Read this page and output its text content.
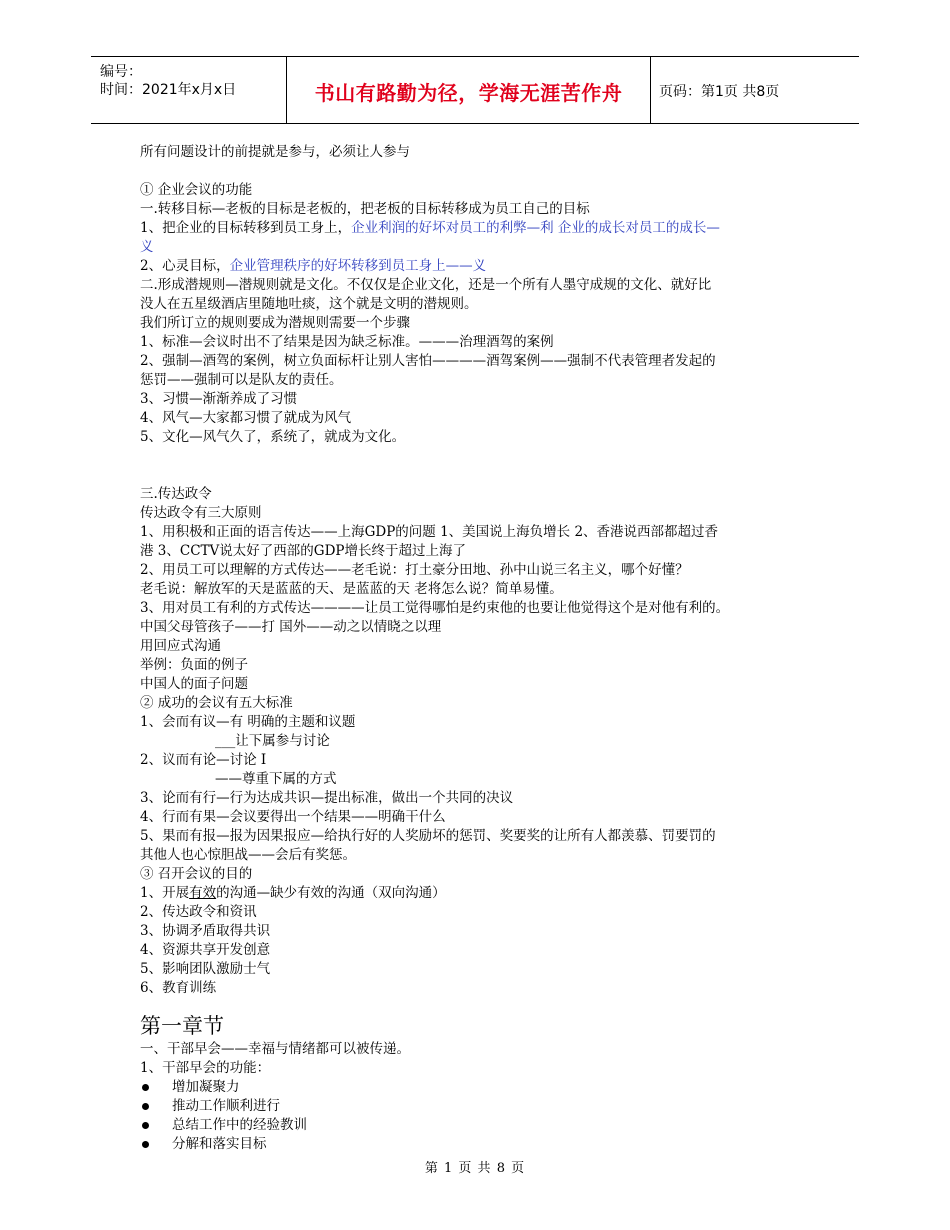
编号：
时间：2021年x月x日	书山有路勤为径，学海无涯苦作舟	页码：第1页 共8页

所有问题设计的前提就是参与，必须让人参与

① 企业会议的功能

一.转移目标—老板的目标是老板的，把老板的目标转移成为员工自己的目标

1、把企业的目标转移到员工身上，企业利润的好坏对员工的利弊—利 企业的成长对员工的成长—

义

2、心灵目标，企业管理秩序的好坏转移到员工身上——义

二.形成潜规则—潜规则就是文化。不仅仅是企业文化，还是一个所有人墨守成规的文化、就好比

没人在五星级酒店里随地吐痰，这个就是文明的潜规则。

我们所订立的规则要成为潜规则需要一个步骤

1、标准—会议时出不了结果是因为缺乏标准。———治理酒驾的案例

2、强制—酒驾的案例，树立负面标杆让别人害怕————酒驾案例——强制不代表管理者发起的

惩罚——强制可以是队友的责任。

3、习惯—渐渐养成了习惯

4、风气—大家都习惯了就成为风气

5、文化—风气久了，系统了，就成为文化。

三.传达政令

传达政令有三大原则

1、用积极和正面的语言传达——上海GDP的问题 1、美国说上海负增长 2、香港说西部都超过香

港 3、CCTV说太好了西部的GDP增长终于超过上海了

2、用员工可以理解的方式传达——老毛说：打土豪分田地、孙中山说三名主义，哪个好懂？

老毛说：解放军的天是蓝蓝的天、是蓝蓝的天 老将怎么说？简单易懂。

3、用对员工有利的方式传达————让员工觉得哪怕是约束他的也要让他觉得这个是对他有利的。

中国父母管孩子——打 国外——动之以情晓之以理

用回应式沟通

举例：负面的例子

中国人的面子问题

② 成功的会议有五大标准

1、会而有议—有 明确的主题和议题

___让下属参与讨论

2、议而有论—讨论 I

——尊重下属的方式

3、论而有行—行为达成共识—提出标准，做出一个共同的决议

4、行而有果—会议要得出一个结果——明确干什么

5、果而有报—报为因果报应—给执行好的人奖励坏的惩罚、奖要奖的让所有人都羡慕、罚要罚的

其他人也心惊胆战——会后有奖惩。

③ 召开会议的目的

1、开展有效的沟通—缺少有效的沟通（双向沟通）

2、传达政令和资讯

3、协调矛盾取得共识

4、资源共享开发创意

5、影响团队激励士气

6、教育训练

第一章节

一、干部早会——幸福与情绪都可以被传递。

1、干部早会的功能：

增加凝聚力

推动工作顺利进行

总结工作中的经验教训

分解和落实目标

第 1 页 共 8 页
